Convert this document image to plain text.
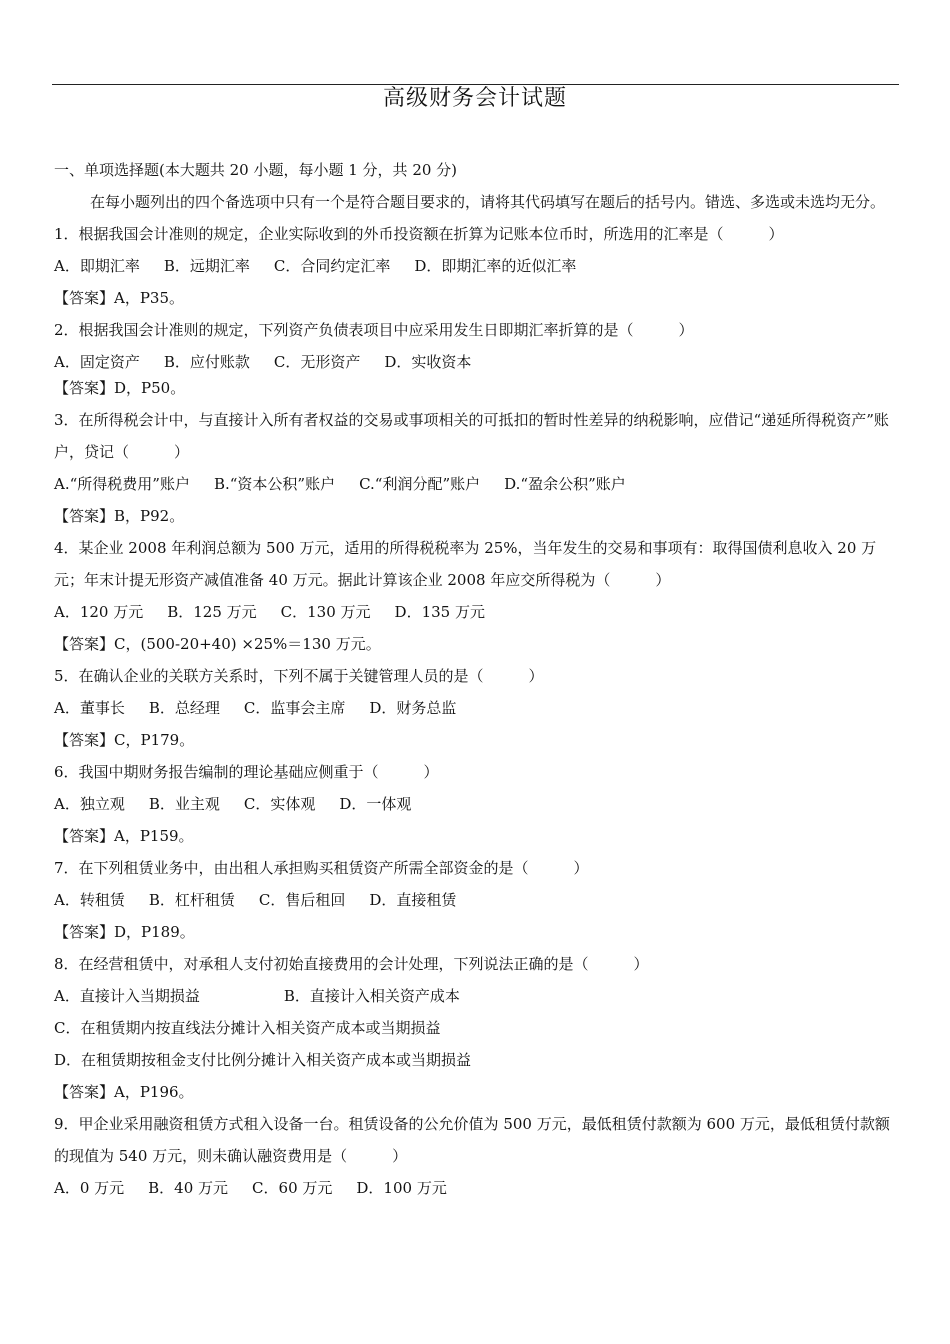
高级财务会计试题

一、单项选择题(本大题共 20 小题，每小题 1 分，共 20 分)

在每小题列出的四个备选项中只有一个是符合题目要求的，请将其代码填写在题后的括号内。错选、多选或未选均无分。

1．根据我国会计准则的规定，企业实际收到的外币投资额在折算为记账本位币时，所选用的汇率是（　　　）

A．即期汇率 B．远期汇率 C．合同约定汇率 D．即期汇率的近似汇率

【答案】A，P35。

2．根据我国会计准则的规定，下列资产负债表项目中应采用发生日即期汇率折算的是（　　　）

A．固定资产 B．应付账款 C．无形资产 D．实收资本

【答案】D，P50。

3．在所得税会计中，与直接计入所有者权益的交易或事项相关的可抵扣的暂时性差异的纳税影响，应借记“递延所得税资产”账户，贷记（　　　）

A.“所得税费用”账户 B.“资本公积”账户 C.“利润分配”账户 D.“盈余公积”账户

【答案】B，P92。

4．某企业 2008 年利润总额为 500 万元，适用的所得税税率为 25%，当年发生的交易和事项有：取得国债利息收入 20 万元；年末计提无形资产减值准备 40 万元。据此计算该企业 2008 年应交所得税为（　　　）

A．120 万元 B．125 万元 C．130 万元 D．135 万元

【答案】C，(500-20+40) ×25%＝130 万元。

5．在确认企业的关联方关系时，下列不属于关键管理人员的是（　　　）

A．董事长 B．总经理 C．监事会主席 D．财务总监

【答案】C，P179。

6．我国中期财务报告编制的理论基础应侧重于（　　　）

A．独立观 B．业主观 C．实体观 D．一体观

【答案】A，P159。

7．在下列租赁业务中，由出租人承担购买租赁资产所需全部资金的是（　　　）

A．转租赁 B．杠杆租赁 C．售后租回 D．直接租赁

【答案】D，P189。

8．在经营租赁中，对承租人支付初始直接费用的会计处理，下列说法正确的是（　　　）

A．直接计入当期损益	B．直接计入相关资产成本

C．在租赁期内按直线法分摊计入相关资产成本或当期损益

D．在租赁期按租金支付比例分摊计入相关资产成本或当期损益

【答案】A，P196。

9．甲企业采用融资租赁方式租入设备一台。租赁设备的公允价值为 500 万元，最低租赁付款额为 600 万元，最低租赁付款额的现值为 540 万元，则未确认融资费用是（　　　）

A．0 万元 B．40 万元 C．60 万元 D．100 万元
